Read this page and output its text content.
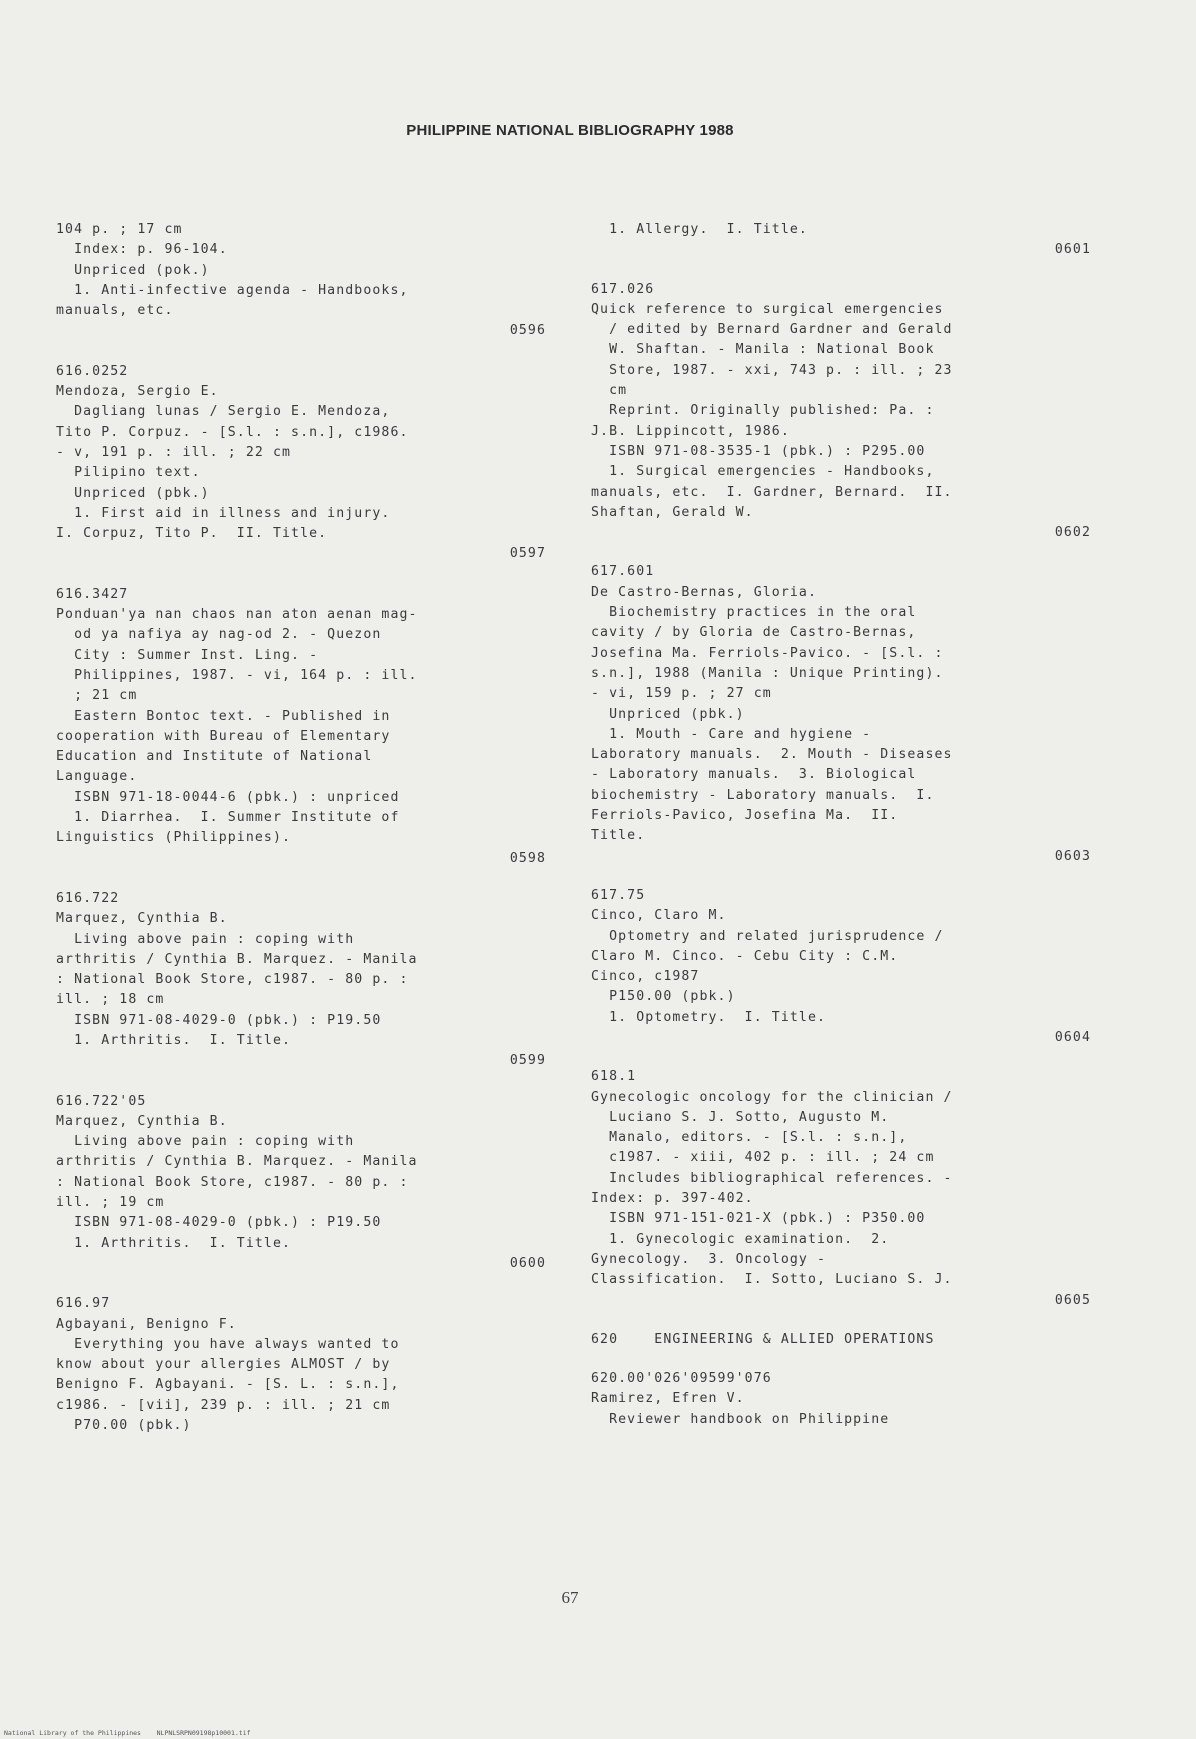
PHILIPPINE NATIONAL BIBLIOGRAPHY 1988
104 p. ; 17 cm
Index: p. 96-104.
Unpriced (pok.)
1. Anti-infective agenda - Handbooks,
manuals, etc.
0596
616.0252
Mendoza, Sergio E.
Dagliang lunas / Sergio E. Mendoza,
Tito P. Corpuz. - [S.l. : s.n.], c1986.
- v, 191 p. : ill. ; 22 cm
Pilipino text.
Unpriced (pbk.)
1. First aid in illness and injury.
I. Corpuz, Tito P.  II. Title.
0597
616.3427
Ponduan'ya nan chaos nan aton aenan mag-
od ya nafiya ay nag-od 2. - Quezon
City : Summer Inst. Ling. -
Philippines, 1987. - vi, 164 p. : ill.
; 21 cm
Eastern Bontoc text. - Published in
cooperation with Bureau of Elementary
Education and Institute of National
Language.
ISBN 971-18-0044-6 (pbk.) : unpriced
1. Diarrhea.  I. Summer Institute of
Linguistics (Philippines).
0598
616.722
Marquez, Cynthia B.
Living above pain : coping with
arthritis / Cynthia B. Marquez. - Manila
: National Book Store, c1987. - 80 p. :
ill. ; 18 cm
ISBN 971-08-4029-0 (pbk.) : P19.50
1. Arthritis.  I. Title.
0599
616.722'05
Marquez, Cynthia B.
Living above pain : coping with
arthritis / Cynthia B. Marquez. - Manila
: National Book Store, c1987. - 80 p. :
ill. ; 19 cm
ISBN 971-08-4029-0 (pbk.) : P19.50
1. Arthritis.  I. Title.
0600
616.97
Agbayani, Benigno F.
Everything you have always wanted to
know about your allergies ALMOST / by
Benigno F. Agbayani. - [S. L. : s.n.],
c1986. - [vii], 239 p. : ill. ; 21 cm
P70.00 (pbk.)
1. Allergy.  I. Title.
0601
617.026
Quick reference to surgical emergencies
/ edited by Bernard Gardner and Gerald
W. Shaftan. - Manila : National Book
Store, 1987. - xxi, 743 p. : ill. ; 23
cm
Reprint. Originally published: Pa. :
J.B. Lippincott, 1986.
ISBN 971-08-3535-1 (pbk.) : P295.00
1. Surgical emergencies - Handbooks,
manuals, etc.  I. Gardner, Bernard.  II.
Shaftan, Gerald W.
0602
617.601
De Castro-Bernas, Gloria.
Biochemistry practices in the oral
cavity / by Gloria de Castro-Bernas,
Josefina Ma. Ferriols-Pavico. - [S.l. :
s.n.], 1988 (Manila : Unique Printing).
- vi, 159 p. ; 27 cm
Unpriced (pbk.)
1. Mouth - Care and hygiene -
Laboratory manuals.  2. Mouth - Diseases
- Laboratory manuals.  3. Biological
biochemistry - Laboratory manuals.  I.
Ferriols-Pavico, Josefina Ma.  II.
Title.
0603
617.75
Cinco, Claro M.
Optometry and related jurisprudence /
Claro M. Cinco. - Cebu City : C.M.
Cinco, c1987
P150.00 (pbk.)
1. Optometry.  I. Title.
0604
618.1
Gynecologic oncology for the clinician /
Luciano S. J. Sotto, Augusto M.
Manalo, editors. - [S.l. : s.n.],
c1987. - xiii, 402 p. : ill. ; 24 cm
Includes bibliographical references. -
Index: p. 397-402.
ISBN 971-151-021-X (pbk.) : P350.00
1. Gynecologic examination.  2.
Gynecology.  3. Oncology -
Classification.  I. Sotto, Luciano S. J.
0605
620    ENGINEERING & ALLIED OPERATIONS
620.00'026'09599'076
Ramirez, Efren V.
Reviewer handbook on Philippine
67
National Library of the Philippines    NLPNLSRPN09198p10001.tif
